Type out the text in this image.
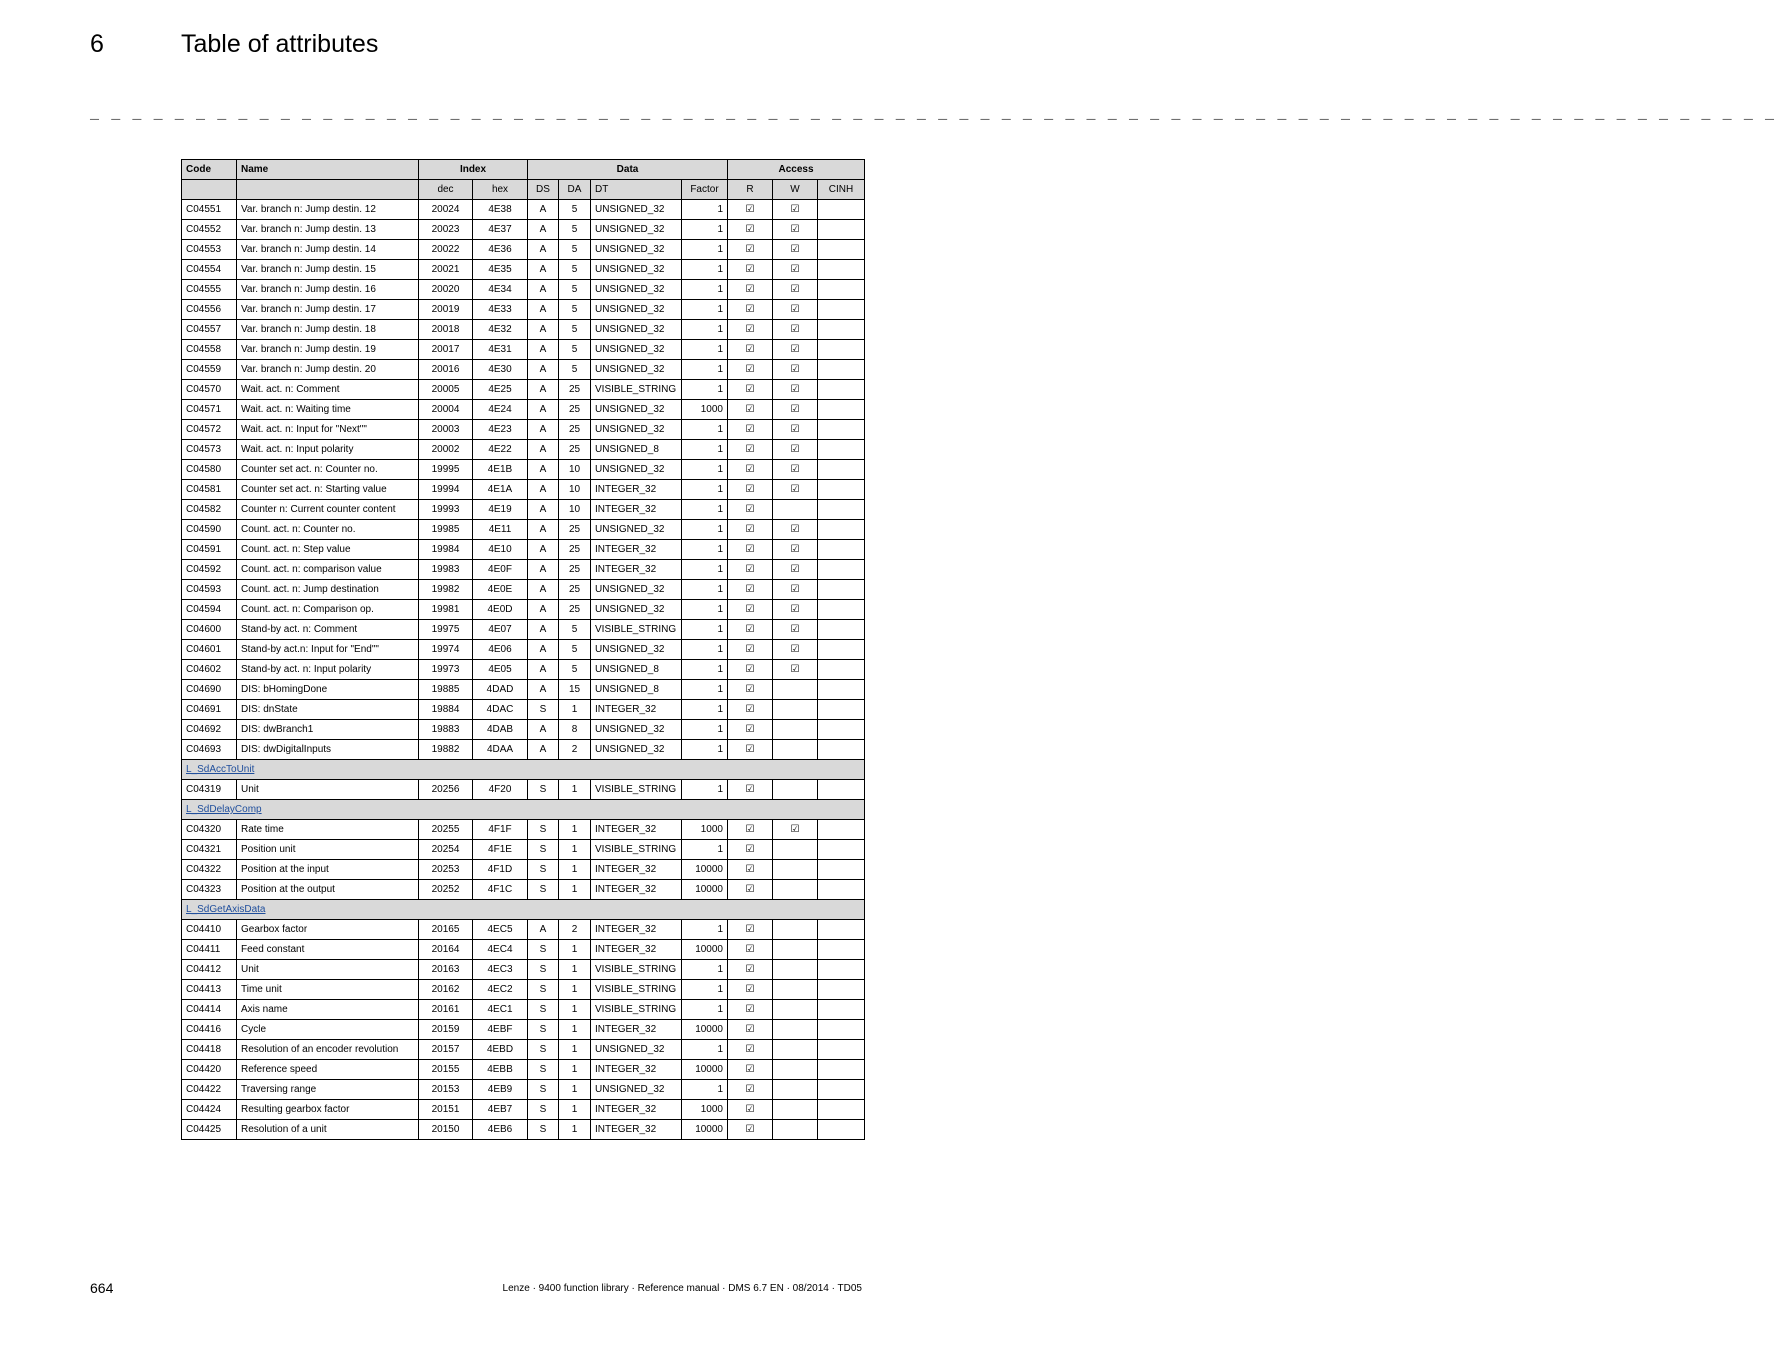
6	Table of attributes
_ _ _ _ _ _ _ _ _ _ _ _ _ _ _ _ _ _ _ _ _ _ _ _ _ _ _ _ _ _ _ _ _ _ _ _ _ _ _ _ _ _ _ _ _ _ _ _ _ _ _ _ _ _ _ _ _ _ _ _ _ _ _ _ _ _ _ _ _ _ _ _ _ _ _ _ _ _ _ _
Code	Name	Index		Data				Access		
		dec	hex	DS	DA	DT	Factor	R	W	CINH
C04551	Var. branch n: Jump destin. 12	20024	4E38	A	5	UNSIGNED_32	1	☑	☑	
C04552	Var. branch n: Jump destin. 13	20023	4E37	A	5	UNSIGNED_32	1	☑	☑	
C04553	Var. branch n: Jump destin. 14	20022	4E36	A	5	UNSIGNED_32	1	☑	☑	
C04554	Var. branch n: Jump destin. 15	20021	4E35	A	5	UNSIGNED_32	1	☑	☑	
C04555	Var. branch n: Jump destin. 16	20020	4E34	A	5	UNSIGNED_32	1	☑	☑	
C04556	Var. branch n: Jump destin. 17	20019	4E33	A	5	UNSIGNED_32	1	☑	☑	
C04557	Var. branch n: Jump destin. 18	20018	4E32	A	5	UNSIGNED_32	1	☑	☑	
C04558	Var. branch n: Jump destin. 19	20017	4E31	A	5	UNSIGNED_32	1	☑	☑	
C04559	Var. branch n: Jump destin. 20	20016	4E30	A	5	UNSIGNED_32	1	☑	☑	
C04570	Wait. act. n: Comment	20005	4E25	A	25	VISIBLE_STRING	1	☑	☑	
C04571	Wait. act. n: Waiting time	20004	4E24	A	25	UNSIGNED_32	1000	☑	☑	
C04572	Wait. act. n: Input for "Next""	20003	4E23	A	25	UNSIGNED_32	1	☑	☑	
C04573	Wait. act. n: Input polarity	20002	4E22	A	25	UNSIGNED_8	1	☑	☑	
C04580	Counter set act. n: Counter no.	19995	4E1B	A	10	UNSIGNED_32	1	☑	☑	
C04581	Counter set act. n: Starting value	19994	4E1A	A	10	INTEGER_32	1	☑	☑	
C04582	Counter n: Current counter content	19993	4E19	A	10	INTEGER_32	1	☑		
C04590	Count. act. n: Counter no.	19985	4E11	A	25	UNSIGNED_32	1	☑	☑	
C04591	Count. act. n: Step value	19984	4E10	A	25	INTEGER_32	1	☑	☑	
C04592	Count. act. n: comparison value	19983	4E0F	A	25	INTEGER_32	1	☑	☑	
C04593	Count. act. n: Jump destination	19982	4E0E	A	25	UNSIGNED_32	1	☑	☑	
C04594	Count. act. n: Comparison op.	19981	4E0D	A	25	UNSIGNED_32	1	☑	☑	
C04600	Stand-by act. n: Comment	19975	4E07	A	5	VISIBLE_STRING	1	☑	☑	
C04601	Stand-by act.n: Input for "End""	19974	4E06	A	5	UNSIGNED_32	1	☑	☑	
C04602	Stand-by act. n: Input polarity	19973	4E05	A	5	UNSIGNED_8	1	☑	☑	
C04690	DIS: bHomingDone	19885	4DAD	A	15	UNSIGNED_8	1	☑		
C04691	DIS: dnState	19884	4DAC	S	1	INTEGER_32	1	☑		
C04692	DIS: dwBranch1	19883	4DAB	A	8	UNSIGNED_32	1	☑		
C04693	DIS: dwDigitalInputs	19882	4DAA	A	2	UNSIGNED_32	1	☑		
L_SdAccToUnit										
C04319	Unit	20256	4F20	S	1	VISIBLE_STRING	1	☑		
L_SdDelayComp										
C04320	Rate time	20255	4F1F	S	1	INTEGER_32	1000	☑	☑	
C04321	Position unit	20254	4F1E	S	1	VISIBLE_STRING	1	☑		
C04322	Position at the input	20253	4F1D	S	1	INTEGER_32	10000	☑		
C04323	Position at the output	20252	4F1C	S	1	INTEGER_32	10000	☑		
L_SdGetAxisData										
C04410	Gearbox factor	20165	4EC5	A	2	INTEGER_32	1	☑		
C04411	Feed constant	20164	4EC4	S	1	INTEGER_32	10000	☑		
C04412	Unit	20163	4EC3	S	1	VISIBLE_STRING	1	☑		
C04413	Time unit	20162	4EC2	S	1	VISIBLE_STRING	1	☑		
C04414	Axis name	20161	4EC1	S	1	VISIBLE_STRING	1	☑		
C04416	Cycle	20159	4EBF	S	1	INTEGER_32	10000	☑		
C04418	Resolution of an encoder revolution	20157	4EBD	S	1	UNSIGNED_32	1	☑		
C04420	Reference speed	20155	4EBB	S	1	INTEGER_32	10000	☑		
C04422	Traversing range	20153	4EB9	S	1	UNSIGNED_32	1	☑		
C04424	Resulting gearbox factor	20151	4EB7	S	1	INTEGER_32	1000	☑		
C04425	Resolution of a unit	20150	4EB6	S	1	INTEGER_32	10000	☑		
664	Lenze · 9400 function library · Reference manual · DMS 6.7 EN · 08/2014 · TD05
